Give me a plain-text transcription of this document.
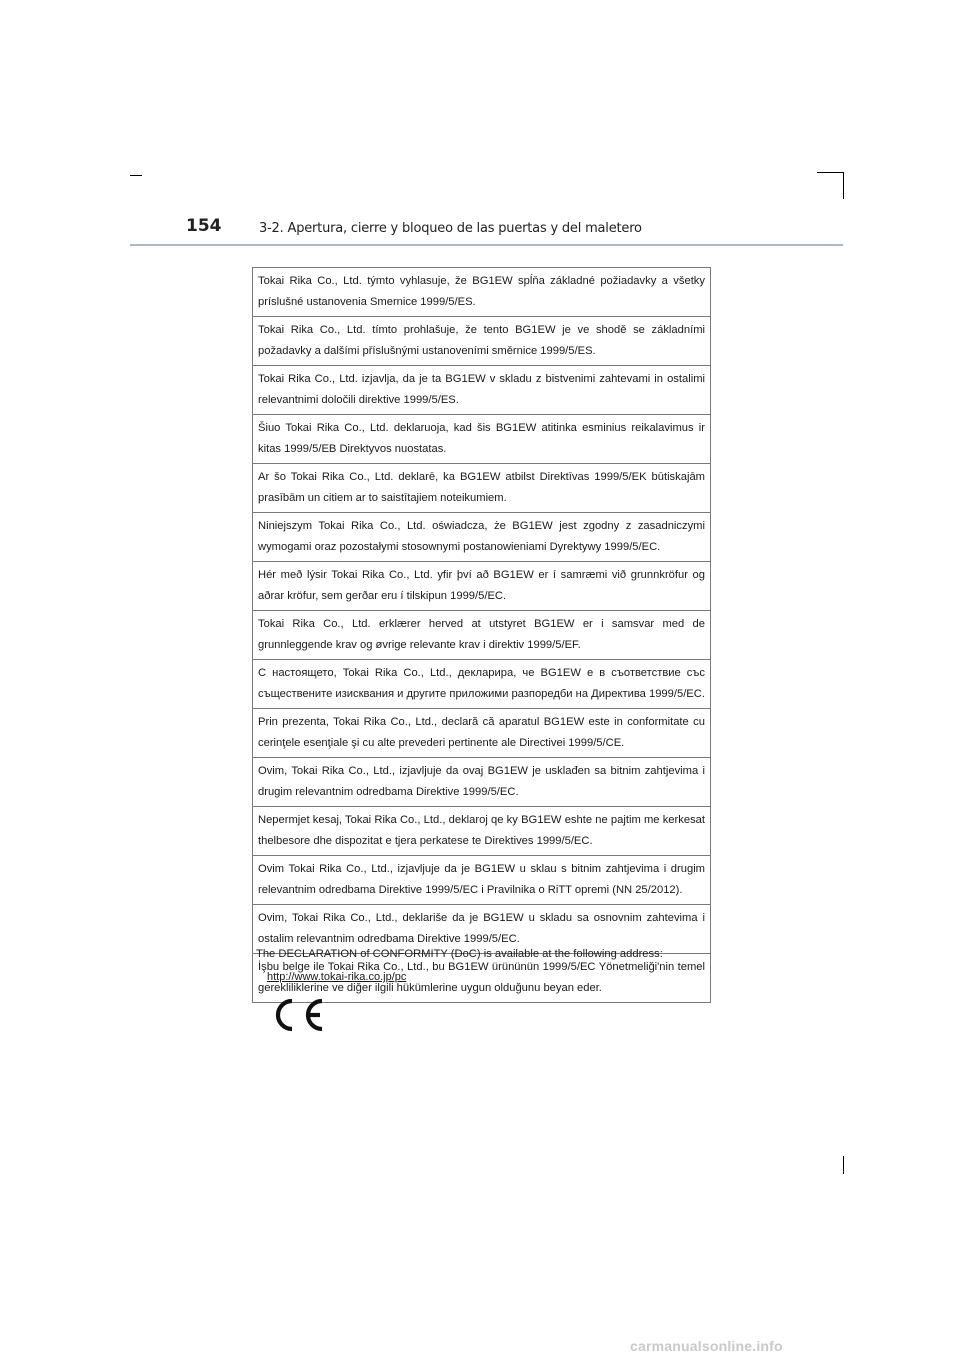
154	3-2. Apertura, cierre y bloqueo de las puertas y del maletero
Tokai Rika Co., Ltd. týmto vyhlasuje, že BG1EW spĺňa základné požiadavky a všetky príslušné ustanovenia Smernice 1999/5/ES.
Tokai Rika Co., Ltd. tímto prohlašuje, že tento BG1EW je ve shodě se základními požadavky a dalšími příslušnými ustanoveními směrnice 1999/5/ES.
Tokai Rika Co., Ltd. izjavlja, da je ta BG1EW v skladu z bistvenimi zahtevami in ostalimi relevantnimi določili direktive 1999/5/ES.
Šiuo Tokai Rika Co., Ltd. deklaruoja, kad šis BG1EW atitinka esminius reikalavimus ir kitas 1999/5/EB Direktyvos nuostatas.
Ar šo Tokai Rika Co., Ltd. deklarē, ka BG1EW atbilst Direktīvas 1999/5/EK būtiskajām prasībām un citiem ar to saistītajiem noteikumiem.
Niniejszym Tokai Rika Co., Ltd. oświadcza, że BG1EW jest zgodny z zasadniczymi wymogami oraz pozostałymi stosownymi postanowieniami Dyrektywy 1999/5/EC.
Hér með lýsir Tokai Rika Co., Ltd. yfir því að BG1EW er í samræmi við grunnkröfur og aðrar kröfur, sem gerðar eru í tilskipun 1999/5/EC.
Tokai Rika Co., Ltd. erklærer herved at utstyret BG1EW er i samsvar med de grunnleggende krav og øvrige relevante krav i direktiv 1999/5/EF.
С настоящето, Tokai Rika Co., Ltd., декларира, че BG1EW е в съответствие със съществените изисквания и другите приложими разпоредби на Директива 1999/5/EC.
Prin prezenta, Tokai Rika Co., Ltd., declară că aparatul BG1EW este in conformitate cu cerinţele esenţiale şi cu alte prevederi pertinente ale Directivei 1999/5/CE.
Ovim, Tokai Rika Co., Ltd., izjavljuje da ovaj BG1EW je usklađen sa bitnim zahtjevima i drugim relevantnim odredbama Direktive 1999/5/EC.
Nepermjet kesaj, Tokai Rika Co., Ltd., deklaroj qe ky BG1EW eshte ne pajtim me kerkesat thelbesore dhe dispozitat e tjera perkatese te Direktives 1999/5/EC.
Ovim Tokai Rika Co., Ltd., izjavljuje da je BG1EW u sklau s bitnim zahtjevima i drugim relevantnim odredbama Direktive 1999/5/EC i Pravilnika o RiTT opremi (NN 25/2012).
Ovim, Tokai Rika Co., Ltd., deklariše da je BG1EW u skladu sa osnovnim zahtevima i ostalim relevantnim odredbama Direktive 1999/5/EC.
İşbu belge ile Tokai Rika Co., Ltd., bu BG1EW ürününün 1999/5/EC Yönetmeliği'nin temel gerekliliklerine ve diğer ilgili hükümlerine uygun olduğunu beyan eder.
The DECLARATION of CONFORMITY (DoC) is available at the following address:
http://www.tokai-rika.co.jp/pc
carmanualsonline.info
